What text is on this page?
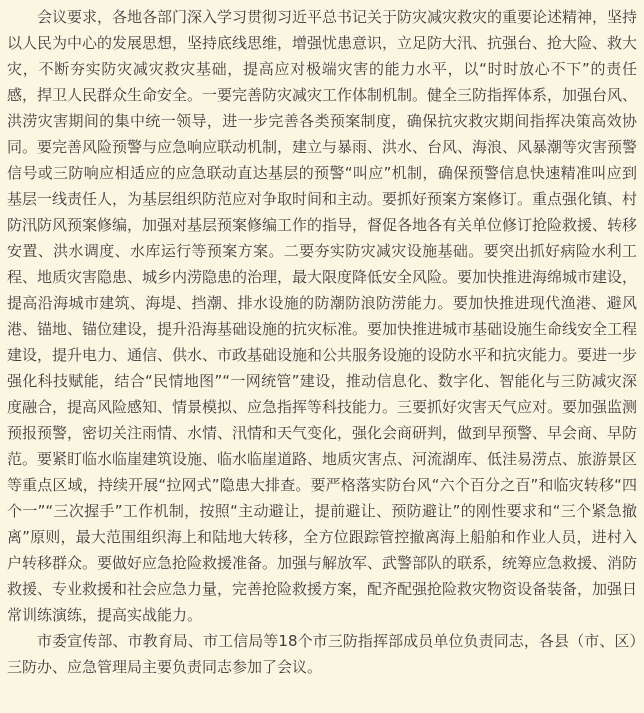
会议要求，各地各部门深入学习贯彻习近平总书记关于防灾减灾救灾的重要论述精神，坚持以人民为中心的发展思想，坚持底线思维，增强忧患意识，立足防大汛、抗强台、抢大险、救大灾，不断夯实防灾减灾救灾基础，提高应对极端灾害的能力水平，以“时时放心不下”的责任感，捍卫人民群众生命安全。一要完善防灾减灾工作体制机制。健全三防指挥体系，加强台风、洪涝灾害期间的集中统一领导，进一步完善各类预案制度，确保抗灾救灾期间指挥决策高效协同。要完善风险预警与应急响应联动机制，建立与暴雨、洪水、台风、海浪、风暴潮等灾害预警信号或三防响应相适应的应急联动直达基层的预警“叫应”机制，确保预警信息快速精准叫应到基层一线责任人，为基层组织防范应对争取时间和主动。要抓好预案方案修订。重点强化镇、村防汛防风预案修编，加强对基层预案修编工作的指导，督促各地各有关单位修订抢险救援、转移安置、洪水调度、水库运行等预案方案。二要夯实防灾减灾设施基础。要突出抓好病险水利工程、地质灾害隐患、城乡内涝隐患的治理，最大限度降低安全风险。要加快推进海绵城市建设，提高沿海城市建筑、海堤、挡潮、排水设施的防潮防浪防涝能力。要加快推进现代渔港、避风港、锚地、锚位建设，提升沿海基础设施的抗灾标准。要加快推进城市基础设施生命线安全工程建设，提升电力、通信、供水、市政基础设施和公共服务设施的设防水平和抗灾能力。要进一步强化科技赋能，结合“民情地图”“一网统管”建设，推动信息化、数字化、智能化与三防减灾深度融合，提高风险感知、情景模拟、应急指挥等科技能力。三要抓好灾害天气应对。要加强监测预报预警，密切关注雨情、水情、汛情和天气变化，强化会商研判，做到早预警、早会商、早防范。要紧盯临水临崖建筑设施、临水临崖道路、地质灾害点、河流湖库、低洼易涝点、旅游景区等重点区域，持续开展“拉网式”隐患大排查。要严格落实防台风“六个百分之百”和临灾转移“四个一”“三次握手”工作机制，按照“主动避让，提前避让、预防避让”的刚性要求和“三个紧急撤离”原则，最大范围组织海上和陆地大转移，全方位跟踪管控撤离海上船舶和作业人员，进村入户转移群众。要做好应急抢险救援准备。加强与解放军、武警部队的联系，统筹应急救援、消防救援、专业救援和社会应急力量，完善抢险救援方案，配齐配强抢险救灾物资设备装备，加强日常训练演练，提高实战能力。

市委宣传部、市教育局、市工信局等18个市三防指挥部成员单位负责同志，各县（市、区）三防办、应急管理局主要负责同志参加了会议。
